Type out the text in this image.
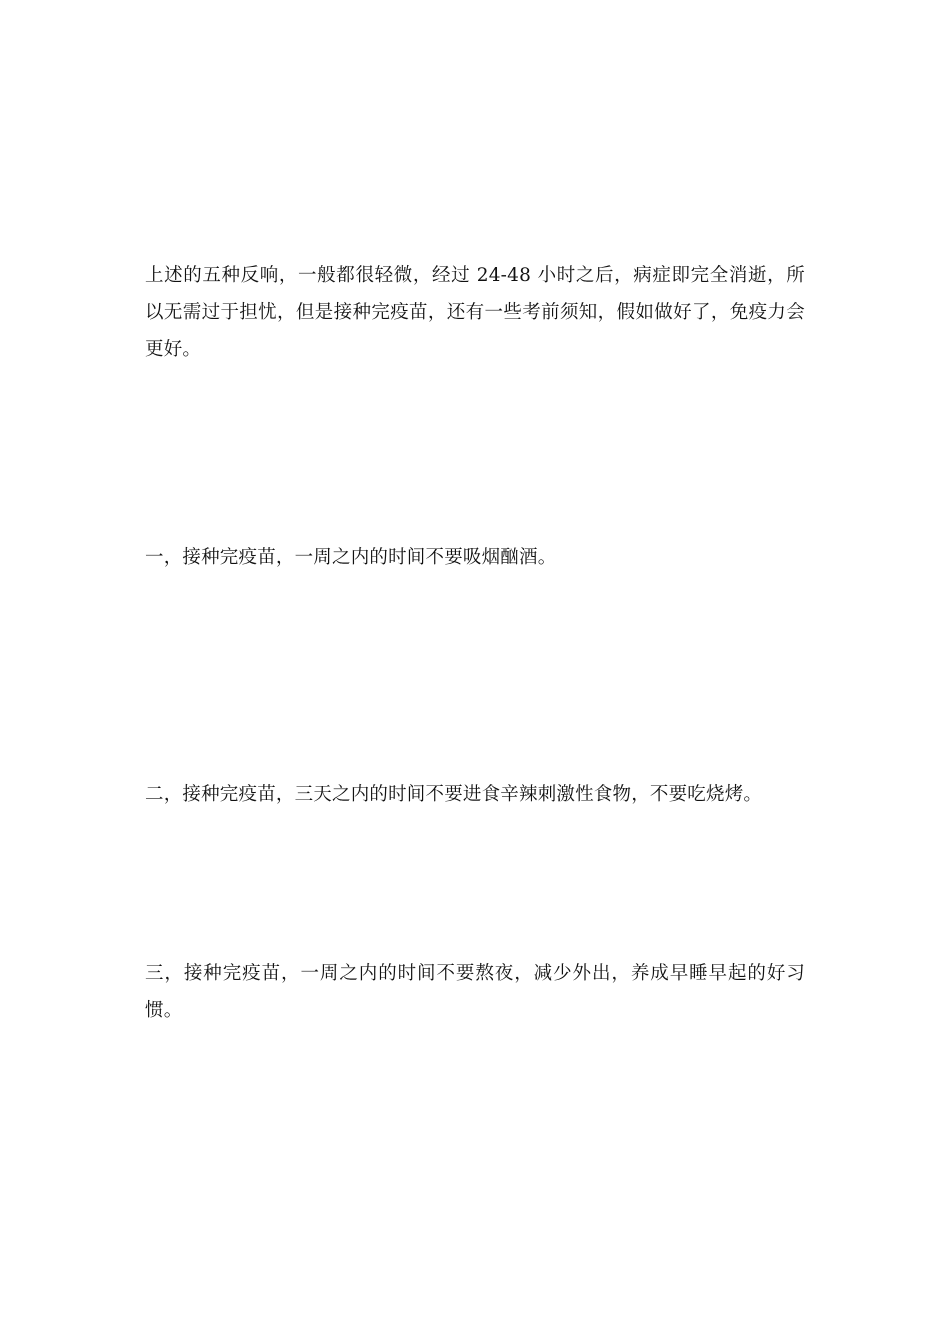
上述的五种反响，一般都很轻微，经过 24-48 小时之后，病症即完全消逝，所以无需过于担忧，但是接种完疫苗，还有一些考前须知，假如做好了，免疫力会更好。

一，接种完疫苗，一周之内的时间不要吸烟酗酒。

二，接种完疫苗，三天之内的时间不要进食辛辣刺激性食物，不要吃烧烤。

三，接种完疫苗，一周之内的时间不要熬夜，减少外出，养成早睡早起的好习惯。
